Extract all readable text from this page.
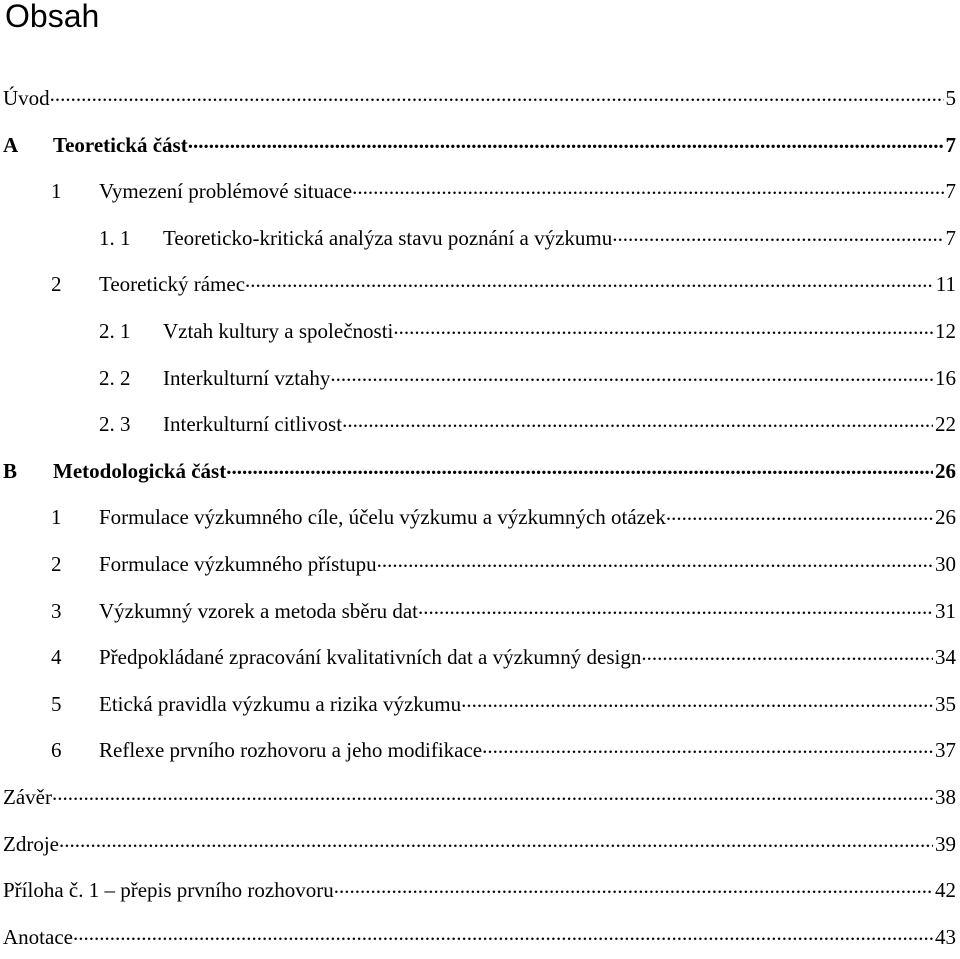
Obsah
Úvod .....	5
A	Teoretická část .....	7
1	Vymezení problémové situace .....	7
1. 1	Teoreticko-kritická analýza stavu poznání a výzkumu .....	7
2	Teoretický rámec .....	11
2. 1	Vztah kultury a společnosti .....	12
2. 2	Interkulturní vztahy .....	16
2. 3	Interkulturní citlivost .....	22
B	Metodologická část .....	26
1	Formulace výzkumného cíle, účelu výzkumu a výzkumných otázek .....	26
2	Formulace výzkumného přístupu .....	30
3	Výzkumný vzorek a metoda sběru dat .....	31
4	Předpokládané zpracování kvalitativních dat a výzkumný design .....	34
5	Etická pravidla výzkumu a rizika výzkumu .....	35
6	Reflexe prvního rozhovoru a jeho modifikace .....	37
Závěr .....	38
Zdroje .....	39
Příloha č. 1 – přepis prvního rozhovoru .....	42
Anotace .....	43
